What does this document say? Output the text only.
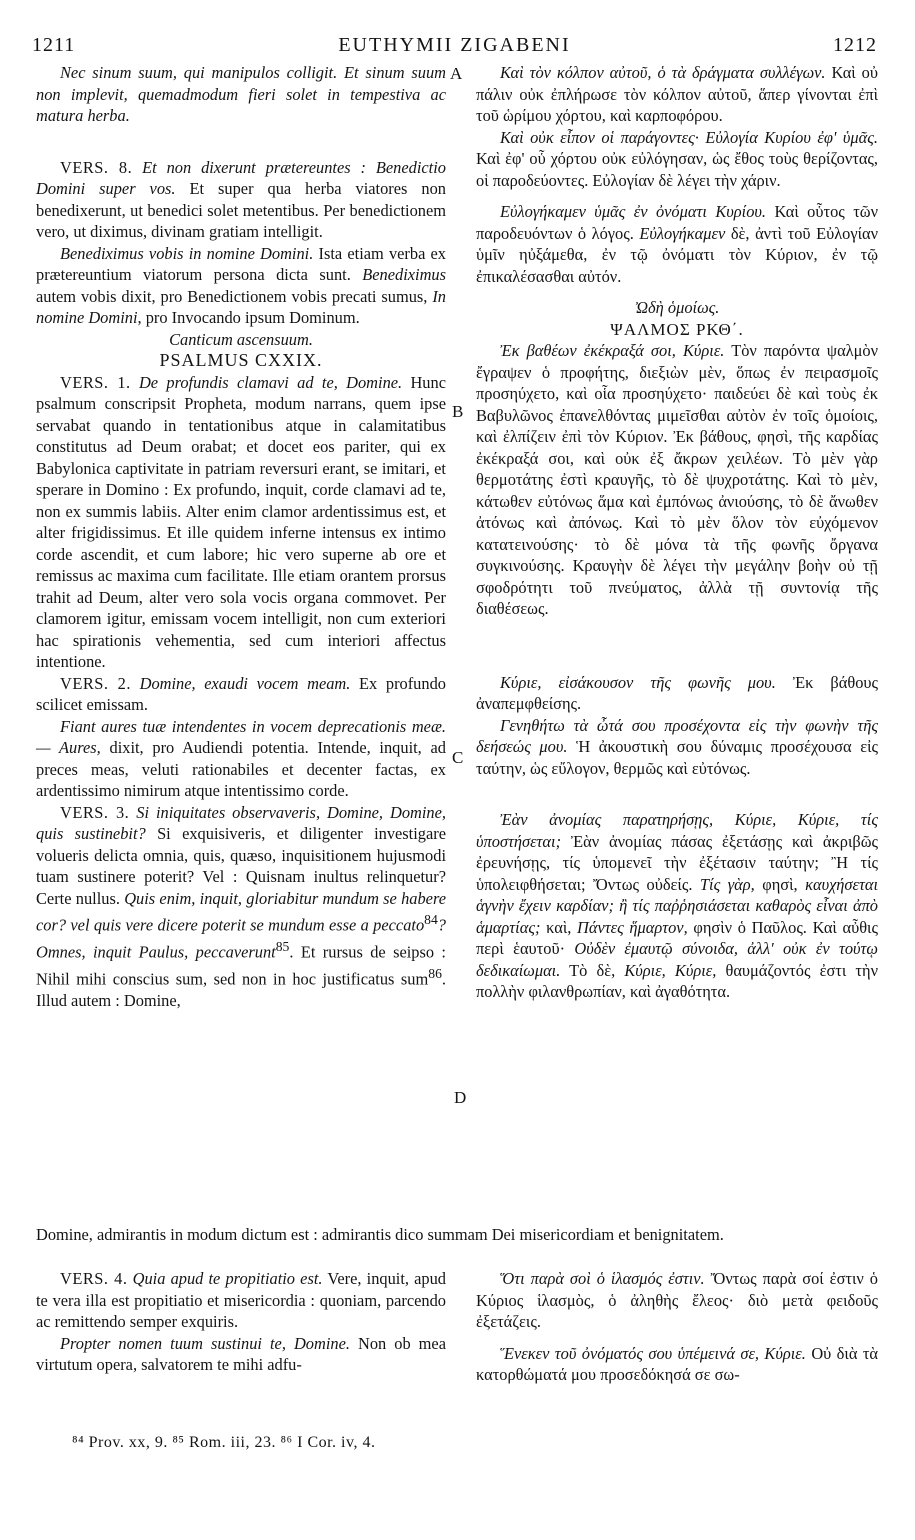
1211	EUTHYMII ZIGABENI	1212
A
B
C
D

Nec sinum suum, qui manipulos colligit. Et sinum suum non implevit, quemadmodum fieri solet in tempestiva ac matura herba.

VERS. 8. Et non dixerunt prætereuntes : Benedictio Domini super vos. Et super qua herba viatores non benedixerunt, ut benedici solet metentibus. Per benedictionem vero, ut diximus, divinam gratiam intelligit.

Benediximus vobis in nomine Domini. Ista etiam verba ex prætereuntium viatorum persona dicta sunt. Benediximus autem vobis dixit, pro Benedictionem vobis precati sumus, In nomine Domini, pro Invocando ipsum Dominum.

Canticum ascensuum.

PSALMUS CXXIX.

VERS. 1. De profundis clamavi ad te, Domine. Hunc psalmum conscripsit Propheta, modum narrans, quem ipse servabat quando in tentationibus atque in calamitatibus constitutus ad Deum orabat; et docet eos pariter, qui ex Babylonica captivitate in patriam reversuri erant, se imitari, et sperare in Domino : Ex profundo, inquit, corde clamavi ad te, non ex summis labiis. Alter enim clamor ardentissimus est, et alter frigidissimus. Et ille quidem inferne intensus ex intimo corde ascendit, et cum labore; hic vero superne ab ore et remissus ac maxima cum facilitate. Ille etiam orantem prorsus trahit ad Deum, alter vero sola vocis organa commovet. Per clamorem igitur, emissam vocem intelligit, non cum exteriori hac spirationis vehementia, sed cum interiori affectus intentione.

VERS. 2. Domine, exaudi vocem meam. Ex profundo scilicet emissam.

Fiant aures tuæ intendentes in vocem deprecationis meæ. — Aures, dixit, pro Audiendi potentia. Intende, inquit, ad preces meas, veluti rationabiles et decenter factas, ex ardentissimo nimirum atque intentissimo corde.

VERS. 3. Si iniquitates observaveris, Domine, Domine, quis sustinebit? Si exquisiveris, et diligenter investigare volueris delicta omnia, quis, quæso, inquisitionem hujusmodi tuam sustinere poterit? Vel : Quisnam inultus relinquetur? Certe nullus. Quis enim, inquit, gloriabitur mundum se habere cor? vel quis vere dicere poterit se mundum esse a peccato$^{84}$? Omnes, inquit Paulus, peccaverunt$^{85}$. Et rursus de seipso : Nihil mihi conscius sum, sed non in hoc justificatus sum$^{86}$. Illud autem : Domine,

Domine, admirantis in modum dictum est : admirantis dico summam Dei misericordiam et benignitatem.

VERS. 4. Quia apud te propitiatio est. Vere, inquit, apud te vera illa est propitiatio et misericordia : quoniam, parcendo ac remittendo semper exquiris.

Propter nomen tuum sustinui te, Domine. Non ob mea virtutum opera, salvatorem te mihi adfu-

Καὶ τὸν κόλπον αὐτοῦ, ὁ τὰ δράγματα συλλέγων. Καὶ οὐ πάλιν οὐκ ἐπλήρωσε τὸν κόλπον αὐτοῦ, ἅπερ γίνονται ἐπὶ τοῦ ὡρίμου χόρτου, καὶ καρποφόρου.

Καὶ οὐκ εἶπον οἱ παράγοντες· Εὐλογία Κυρίου ἐφ' ὑμᾶς. Καὶ ἐφ' οὗ χόρτου οὐκ εὐλόγησαν, ὡς ἔθος τοὺς θερίζοντας, οἱ παροδεύοντες. Εὐλογίαν δὲ λέγει τὴν χάριν.

Εὐλογήκαμεν ὑμᾶς ἐν ὀνόματι Κυρίου. Καὶ οὗτος τῶν παροδευόντων ὁ λόγος. Εὐλογήκαμεν δὲ, ἀντὶ τοῦ Εὐλογίαν ὑμῖν ηὐξάμεθα, ἐν τῷ ὀνόματι τὸν Κύριον, ἐν τῷ ἐπικαλέσασθαι αὐτόν.

Ὠδὴ ὁμοίως.

ΨΑΛΜΟΣ ΡΚΘ΄.

Ἐκ βαθέων ἐκέκραξά σοι, Κύριε. Τὸν παρόντα ψαλμὸν ἔγραψεν ὁ προφήτης, διεξιὼν μὲν, ὅπως ἐν πειρασμοῖς προσηύχετο, καὶ οἷα προσηύχετο· παιδεύει δὲ καὶ τοὺς ἐκ Βαβυλῶνος ἐπανελθόντας μιμεῖσθαι αὐτὸν ἐν τοῖς ὁμοίοις, καὶ ἐλπίζειν ἐπὶ τὸν Κύριον. Ἐκ βάθους, φησὶ, τῆς καρδίας ἐκέκραξά σοι, καὶ οὐκ ἐξ ἄκρων χειλέων. Τὸ μὲν γὰρ θερμοτάτης ἐστὶ κραυγῆς, τὸ δὲ ψυχροτάτης. Καὶ τὸ μὲν, κάτωθεν εὐτόνως ἅμα καὶ ἐμπόνως ἀνιούσης, τὸ δὲ ἄνωθεν ἀτόνως καὶ ἀπόνως. Καὶ τὸ μὲν ὅλον τὸν εὐχόμενον κατατεινούσης· τὸ δὲ μόνα τὰ τῆς φωνῆς ὄργανα συγκινούσης. Κραυγὴν δὲ λέγει τὴν μεγάλην βοὴν οὐ τῇ σφοδρότητι τοῦ πνεύματος, ἀλλὰ τῇ συντονίᾳ τῆς διαθέσεως.

Κύριε, εἰσάκουσον τῆς φωνῆς μου. Ἐκ βάθους ἀναπεμφθείσης.

Γενηθήτω τὰ ὦτά σου προσέχοντα εἰς τὴν φωνὴν τῆς δεήσεώς μου. Ἡ ἀκουστικὴ σου δύναμις προσέχουσα εἰς ταύτην, ὡς εὔλογον, θερμῶς καὶ εὐτόνως.

Ἐὰν ἀνομίας παρατηρήσῃς, Κύριε, Κύριε, τίς ὑποστήσεται; Ἐὰν ἀνομίας πάσας ἐξετάσῃς καὶ ἀκριβῶς ἐρευνήσῃς, τίς ὑπομενεῖ τὴν ἐξέτασιν ταύτην; Ἢ τίς ὑπολειφθήσεται; Ὄντως οὐδείς. Τίς γὰρ, φησὶ, καυχήσεται ἁγνὴν ἔχειν καρδίαν; ἢ τίς παῤῥησιάσεται καθαρὸς εἶναι ἀπὸ ἁμαρτίας; καὶ, Πάντες ἥμαρτον, φησὶν ὁ Παῦλος. Καὶ αὖθις περὶ ἑαυτοῦ· Οὐδὲν ἐμαυτῷ σύνοιδα, ἀλλ' οὐκ ἐν τούτῳ δεδικαίωμαι. Τὸ δὲ, Κύριε, Κύριε, θαυμάζοντός ἐστι τὴν πολλὴν φιλανθρωπίαν, καὶ ἀγαθότητα.

Ὅτι παρὰ σοὶ ὁ ἱλασμός ἐστιν. Ὄντως παρὰ σοί ἐστιν ὁ Κύριος ἱλασμὸς, ὁ ἀληθὴς ἔλεος· διὸ μετὰ φειδοῦς ἐξετάζεις.

Ἕνεκεν τοῦ ὀνόματός σου ὑπέμεινά σε, Κύριε. Οὐ διὰ τὰ κατορθώματά μου προσεδόκησά σε σω-

⁸⁴ Prov. xx, 9. ⁸⁵ Rom. iii, 23. ⁸⁶ I Cor. iv, 4.
